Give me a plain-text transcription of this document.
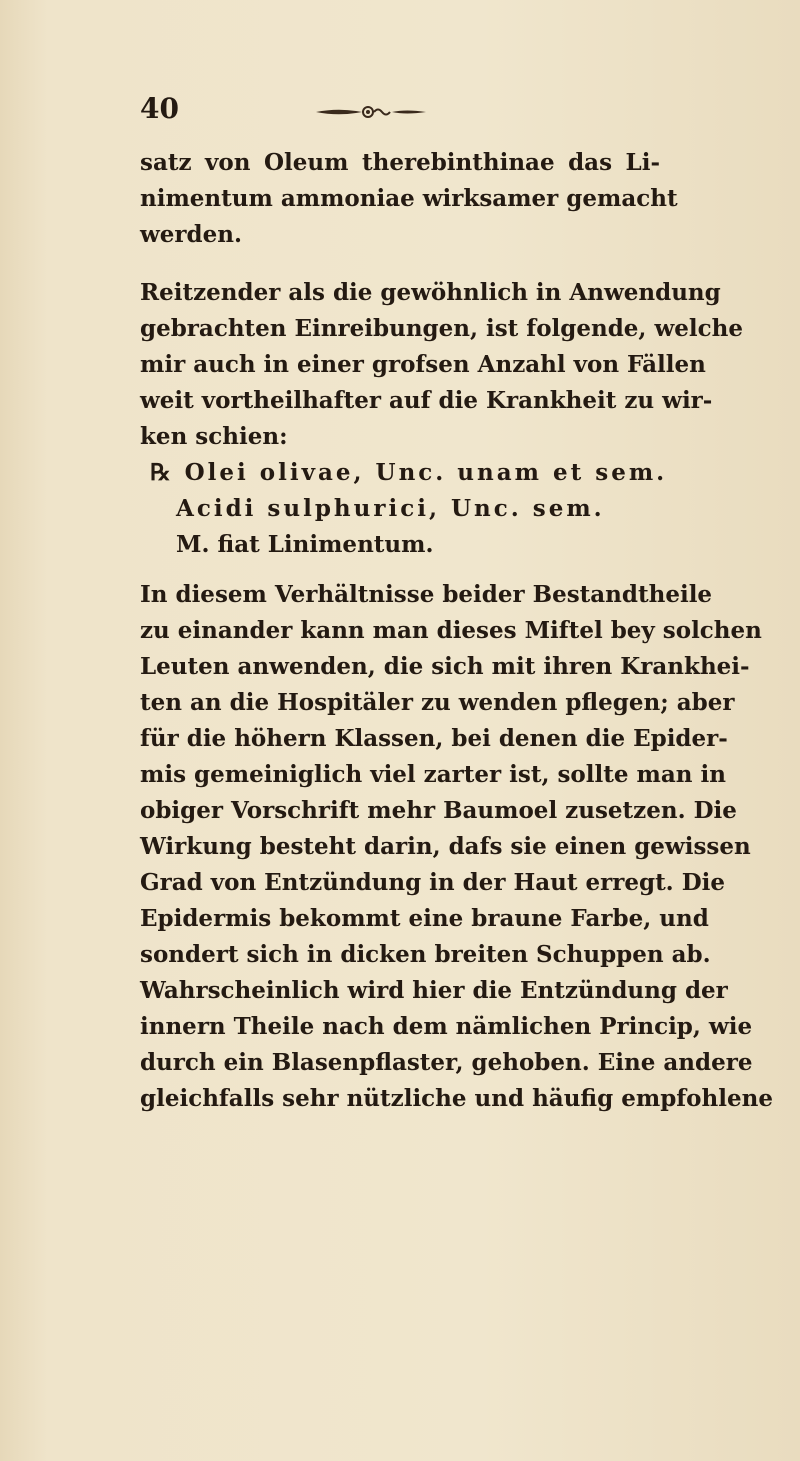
40
satz von Oleum therebinthinae das Li-
nimentum ammoniae wirksamer gemacht
werden.
Reitzender als die gewöhnlich in Anwendung
gebrachten Einreibungen, ist folgende, welche
mir auch in einer grofsen Anzahl von Fällen
weit vortheilhafter auf die Krankheit zu wir-
ken schien:
℞ Olei olivae, Unc. unam et sem.
Acidi sulphurici, Unc. sem.
M. fiat Linimentum.
In diesem Verhältnisse beider Bestandtheile
zu einander kann man dieses Miftel bey solchen
Leuten anwenden, die sich mit ihren Krankhei-
ten an die Hospitäler zu wenden pflegen; aber
für die höhern Klassen, bei denen die Epider-
mis gemeiniglich viel zarter ist, sollte man in
obiger Vorschrift mehr Baumoel zusetzen. Die
Wirkung besteht darin, dafs sie einen gewissen
Grad von Entzündung in der Haut erregt. Die
Epidermis bekommt eine braune Farbe, und
sondert sich in dicken breiten Schuppen ab.
Wahrscheinlich wird hier die Entzündung der
innern Theile nach dem nämlichen Princip, wie
durch ein Blasenpflaster, gehoben. Eine andere
gleichfalls sehr nützliche und häufig empfohlene
